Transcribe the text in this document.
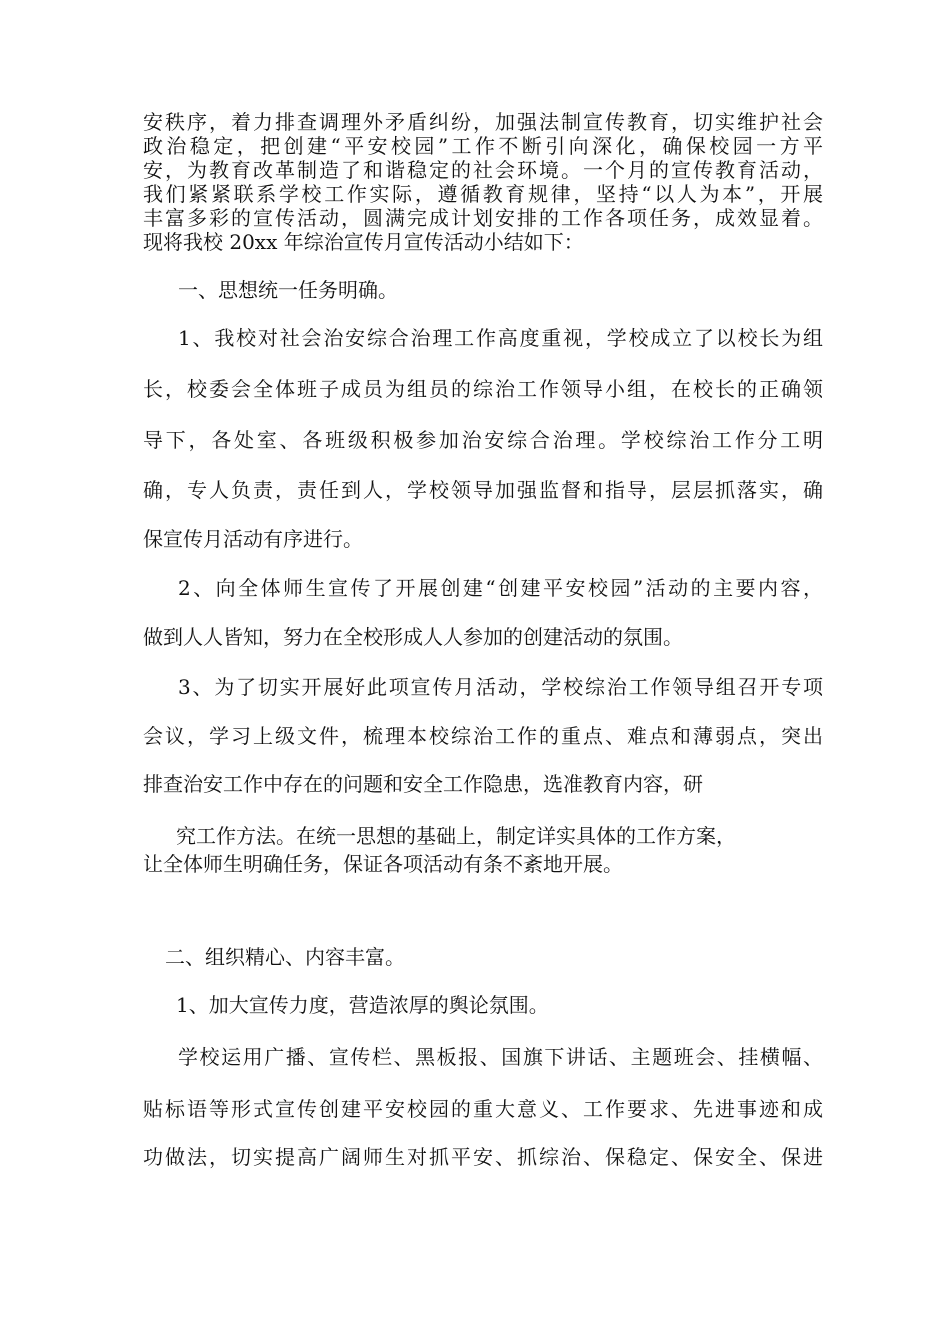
安秩序，着力排查调理外矛盾纠纷，加强法制宣传教育，切实维护社会
政治稳定，把创建“平安校园”工作不断引向深化，确保校园一方平
安，为教育改革制造了和谐稳定的社会环境。一个月的宣传教育活动，
我们紧紧联系学校工作实际，遵循教育规律，坚持“以人为本”，开展
丰富多彩的宣传活动，圆满完成计划安排的工作各项任务，成效显着。
现将我校 20xx 年综治宣传月宣传活动小结如下：
一、思想统一任务明确。
1、我校对社会治安综合治理工作高度重视，学校成立了以校长为组
长，校委会全体班子成员为组员的综治工作领导小组，在校长的正确领
导下，各处室、各班级积极参加治安综合治理。学校综治工作分工明
确，专人负责，责任到人，学校领导加强监督和指导，层层抓落实，确
保宣传月活动有序进行。
2、向全体师生宣传了开展创建“创建平安校园”活动的主要内容，
做到人人皆知，努力在全校形成人人参加的创建活动的氛围。
3、为了切实开展好此项宣传月活动，学校综治工作领导组召开专项
会议，学习上级文件，梳理本校综治工作的重点、难点和薄弱点，突出
排查治安工作中存在的问题和安全工作隐患，选准教育内容，研
究工作方法。在统一思想的基础上，制定详实具体的工作方案，
让全体师生明确任务，保证各项活动有条不紊地开展。
二、组织精心、内容丰富。
1、加大宣传力度，营造浓厚的舆论氛围。
学校运用广播、宣传栏、黑板报、国旗下讲话、主题班会、挂横幅、
贴标语等形式宣传创建平安校园的重大意义、工作要求、先进事迹和成
功做法，切实提高广阔师生对抓平安、抓综治、保稳定、保安全、保进
